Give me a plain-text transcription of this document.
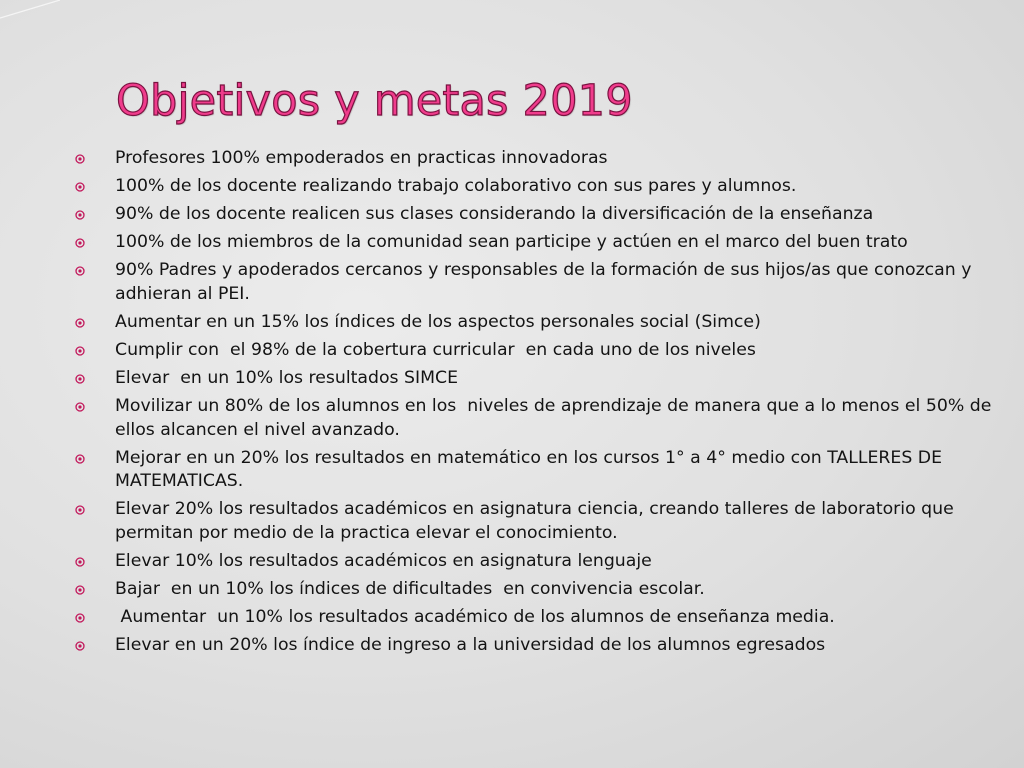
Objetivos y metas 2019
Profesores 100% empoderados en practicas innovadoras
100% de los docente realizando trabajo colaborativo con sus pares y alumnos.
90% de los docente realicen sus clases considerando la diversificación de la enseñanza
100% de los miembros de la comunidad sean participe y actúen en el marco del buen trato
90% Padres y apoderados cercanos y responsables de la formación de sus hijos/as que conozcan y adhieran al PEI.
Aumentar en un 15% los índices de los aspectos personales social (Simce)
Cumplir con  el 98% de la cobertura curricular  en cada uno de los niveles
Elevar  en un 10% los resultados SIMCE
Movilizar un 80% de los alumnos en los  niveles de aprendizaje de manera que a lo menos el 50% de ellos alcancen el nivel avanzado.
Mejorar en un 20% los resultados en matemático en los cursos 1° a 4° medio con TALLERES DE MATEMATICAS.
Elevar 20% los resultados académicos en asignatura ciencia, creando talleres de laboratorio que permitan por medio de la practica elevar el conocimiento.
Elevar 10% los resultados académicos en asignatura lenguaje
Bajar  en un 10% los índices de dificultades  en convivencia escolar.
Aumentar  un 10% los resultados académico de los alumnos de enseñanza media.
Elevar en un 20% los índice de ingreso a la universidad de los alumnos egresados
